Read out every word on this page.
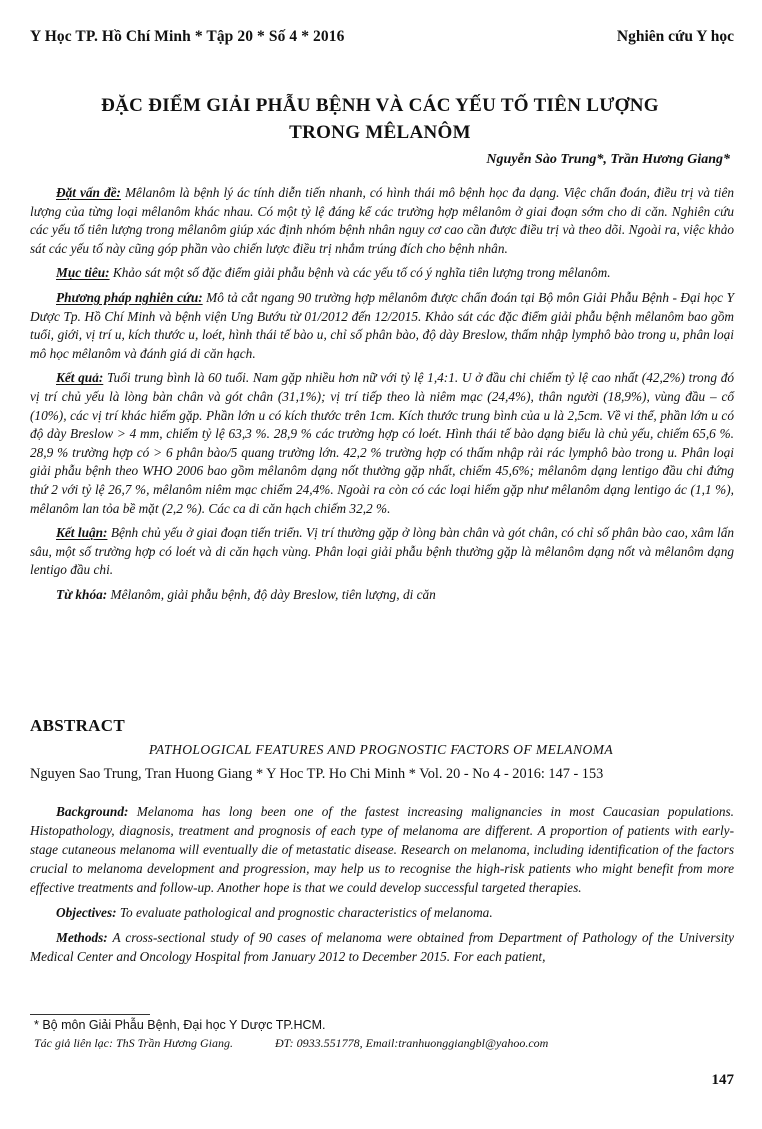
Y Học TP. Hồ Chí Minh * Tập 20 * Số 4 * 2016	Nghiên cứu Y học
ĐẶC ĐIỂM GIẢI PHẪU BỆNH VÀ CÁC YẾU TỐ TIÊN LƯỢNG
TRONG MÊLANÔM
Nguyễn Sào Trung*, Trần Hương Giang*

Đặt vấn đề: Mêlanôm là bệnh lý ác tính diễn tiến nhanh, có hình thái mô bệnh học đa dạng. Việc chẩn đoán, điều trị và tiên lượng của từng loại mêlanôm khác nhau. Có một tỷ lệ đáng kể các trường hợp mêlanôm ở giai đoạn sớm cho di căn. Nghiên cứu các yếu tố tiên lượng trong mêlanôm giúp xác định nhóm bệnh nhân nguy cơ cao cần được điều trị và theo dõi. Ngoài ra, việc khảo sát các yếu tố này cũng góp phần vào chiến lược điều trị nhắm trúng đích cho bệnh nhân.

Mục tiêu: Khảo sát một số đặc điểm giải phẫu bệnh và các yếu tố có ý nghĩa tiên lượng trong mêlanôm.

Phương pháp nghiên cứu: Mô tả cắt ngang 90 trường hợp mêlanôm được chẩn đoán tại Bộ môn Giải Phẫu Bệnh - Đại học Y Dược Tp. Hồ Chí Minh và bệnh viện Ung Bướu từ 01/2012 đến 12/2015. Khảo sát các đặc điểm giải phẫu bệnh mêlanôm bao gồm tuổi, giới, vị trí u, kích thước u, loét, hình thái tế bào u, chỉ số phân bào, độ dày Breslow, thấm nhập lymphô bào trong u, phân loại mô học mêlanôm và đánh giá di căn hạch.

Kết quả: Tuổi trung bình là 60 tuổi. Nam gặp nhiều hơn nữ với tỷ lệ 1,4:1. U ở đầu chi chiếm tỷ lệ cao nhất (42,2%) trong đó vị trí chủ yếu là lòng bàn chân và gót chân (31,1%); vị trí tiếp theo là niêm mạc (24,4%), thân người (18,9%), vùng đầu – cổ (10%), các vị trí khác hiếm gặp. Phần lớn u có kích thước trên 1cm. Kích thước trung bình của u là 2,5cm. Về vi thể, phần lớn u có độ dày Breslow > 4 mm, chiếm tỷ lệ 63,3 %. 28,9 % các trường hợp có loét. Hình thái tế bào dạng biểu là chủ yếu, chiếm 65,6 %. 28,9 % trường hợp có > 6 phân bào/5 quang trường lớn. 42,2 % trường hợp có thấm nhập rải rác lymphô bào trong u. Phân loại giải phẫu bệnh theo WHO 2006 bao gồm mêlanôm dạng nốt thường gặp nhất, chiếm 45,6%; mêlanôm dạng lentigo đầu chi đứng thứ 2 với tỷ lệ 26,7 %, mêlanôm niêm mạc chiếm 24,4%. Ngoài ra còn có các loại hiếm gặp như mêlanôm dạng lentigo ác (1,1 %), mêlanôm lan tỏa bề mặt (2,2 %). Các ca di căn hạch chiếm 32,2 %.

Kết luận: Bệnh chủ yếu ở giai đoạn tiến triển. Vị trí thường gặp ở lòng bàn chân và gót chân, có chỉ số phân bào cao, xâm lấn sâu, một số trường hợp có loét và di căn hạch vùng. Phân loại giải phẫu bệnh thường gặp là mêlanôm dạng nốt và mêlanôm dạng lentigo đầu chi.

Từ khóa: Mêlanôm, giải phẫu bệnh, độ dày Breslow, tiên lượng, di căn

ABSTRACT
PATHOLOGICAL FEATURES AND PROGNOSTIC FACTORS OF MELANOMA
Nguyen Sao Trung, Tran Huong Giang * Y Hoc TP. Ho Chi Minh * Vol. 20 - No 4 - 2016: 147 - 153

Background: Melanoma has long been one of the fastest increasing malignancies in most Caucasian populations. Histopathology, diagnosis, treatment and prognosis of each type of melanoma are different. A proportion of patients with early-stage cutaneous melanoma will eventually die of metastatic disease. Research on melanoma, including identification of the factors crucial to melanoma development and progression, may help us to recognise the high-risk patients who might benefit from more effective treatments and follow-up. Another hope is that we could develop successful targeted therapies.

Objectives: To evaluate pathological and prognostic characteristics of melanoma.

Methods: A cross-sectional study of 90 cases of melanoma were obtained from Department of Pathology of the University Medical Center and Oncology Hospital from January 2012 to December 2015. For each patient,

* Bộ môn Giải Phẫu Bệnh, Đại học Y Dược TP.HCM.
Tác giả liên lạc: ThS Trần Hương Giang.	ĐT: 0933.551778, Email:tranhuonggiangbl@yahoo.com
147
